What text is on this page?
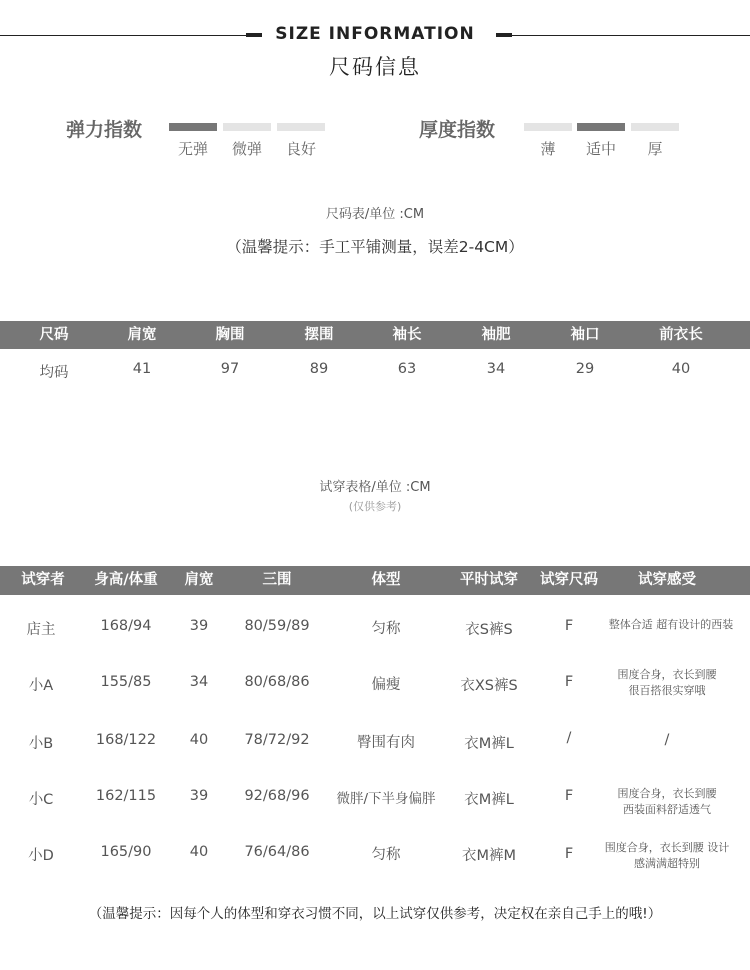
SIZE INFORMATION
尺码信息
弹力指数
无弹	微弹	良好
厚度指数
薄	适中	厚
尺码表/单位 :CM
（温馨提示：手工平铺测量，误差2-4CM）
尺码	肩宽	胸围	摆围	袖长	袖肥	袖口	前衣长
均码	41	97	89	63	34	29	40
试穿表格/单位 :CM
(仅供参考)
试穿者	身高/体重	肩宽	三围	体型	平时试穿	试穿尺码	试穿感受
店主	168/94	39	80/59/89	匀称	衣S裤S	F	整体合适 超有设计的西装
小A	155/85	34	80/68/86	偏瘦	衣XS裤S	F	围度合身，衣长到腰
很百搭很实穿哦
小B	168/122	40	78/72/92	臀围有肉	衣M裤L	/	/
小C	162/115	39	92/68/96	微胖/下半身偏胖	衣M裤L	F	围度合身，衣长到腰
西装面料舒适透气
小D	165/90	40	76/64/86	匀称	衣M裤M	F	围度合身，衣长到腰 设计
感满满超特别
（温馨提示：因每个人的体型和穿衣习惯不同，以上试穿仅供参考，决定权在亲自己手上的哦!）
